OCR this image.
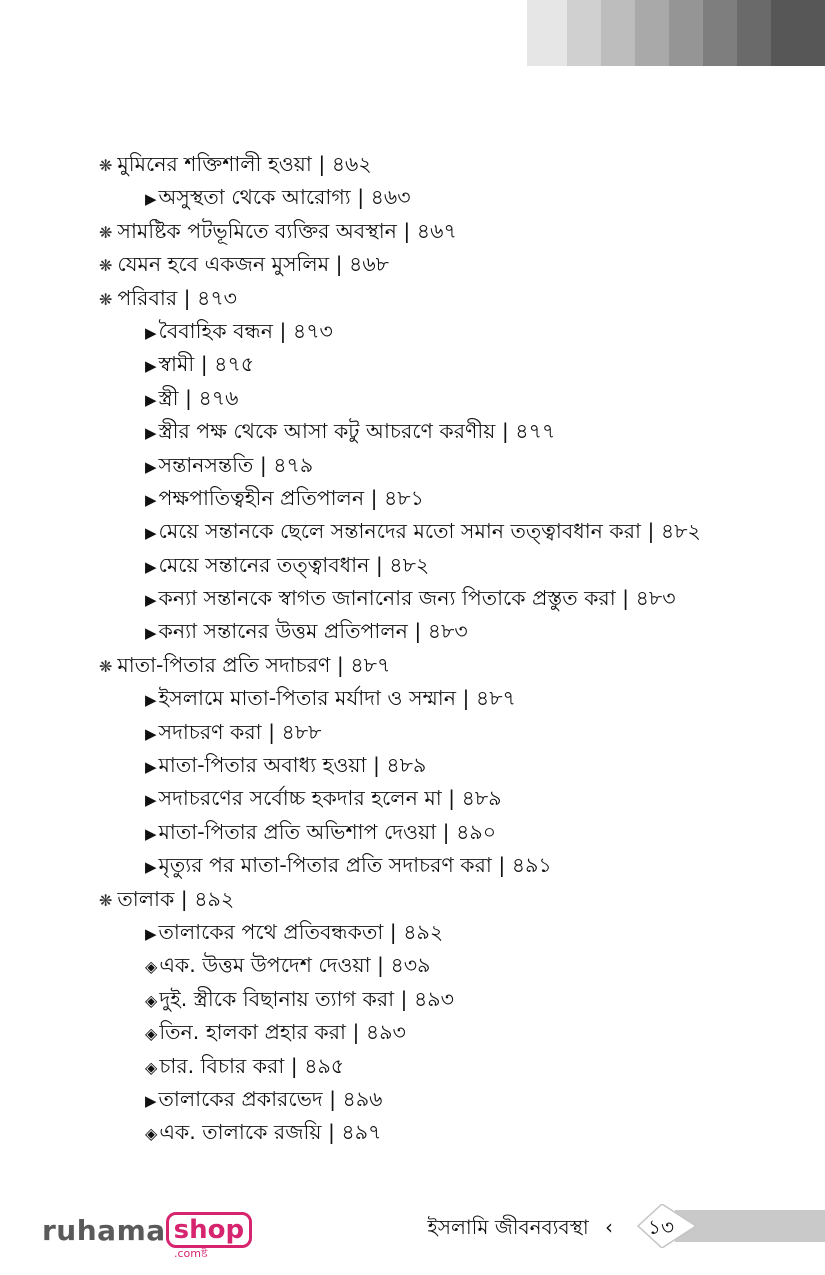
❋ মুমিনের শক্তিশালী হওয়া | ৪৬২
▶অসুস্থতা থেকে আরোগ্য | ৪৬৩
❋ সামষ্টিক পটভূমিতে ব্যক্তির অবস্থান | ৪৬৭
❋ যেমন হবে একজন মুসলিম | ৪৬৮
❋ পরিবার | ৪৭৩
▶বৈবাহিক বন্ধন | ৪৭৩
▶স্বামী | ৪৭৫
▶স্ত্রী | ৪৭৬
▶স্ত্রীর পক্ষ থেকে আসা কটু আচরণে করণীয় | ৪৭৭
▶সন্তানসন্ততি | ৪৭৯
▶পক্ষপাতিত্বহীন প্রতিপালন | ৪৮১
▶মেয়ে সন্তানকে ছেলে সন্তানদের মতো সমান তত্ত্বাবধান করা | ৪৮২
▶মেয়ে সন্তানের তত্ত্বাবধান | ৪৮২
▶কন্যা সন্তানকে স্বাগত জানানোর জন্য পিতাকে প্রস্তুত করা | ৪৮৩
▶কন্যা সন্তানের উত্তম প্রতিপালন | ৪৮৩
❋ মাতা-পিতার প্রতি সদাচরণ | ৪৮৭
▶ইসলামে মাতা-পিতার মর্যাদা ও সম্মান | ৪৮৭
▶সদাচরণ করা | ৪৮৮
▶মাতা-পিতার অবাধ্য হওয়া | ৪৮৯
▶সদাচরণের সর্বোচ্চ হকদার হলেন মা | ৪৮৯
▶মাতা-পিতার প্রতি অভিশাপ দেওয়া | ৪৯০
▶মৃত্যুর পর মাতা-পিতার প্রতি সদাচরণ করা | ৪৯১
❋ তালাক | ৪৯২
▶তালাকের পথে প্রতিবন্ধকতা | ৪৯২
◈এক. উত্তম উপদেশ দেওয়া | ৪৩৯
◈দুই. স্ত্রীকে বিছানায় ত্যাগ করা | ৪৯৩
◈তিন. হালকা প্রহার করা | ৪৯৩
◈চার. বিচার করা | ৪৯৫
▶তালাকের প্রকারভেদ | ৪৯৬
◈এক. তালাকে রজয়ি | ৪৯৭
ruhama shop
.comষ্ট
ইসলামি জীবনব্যবস্থা ‹ ১৩
